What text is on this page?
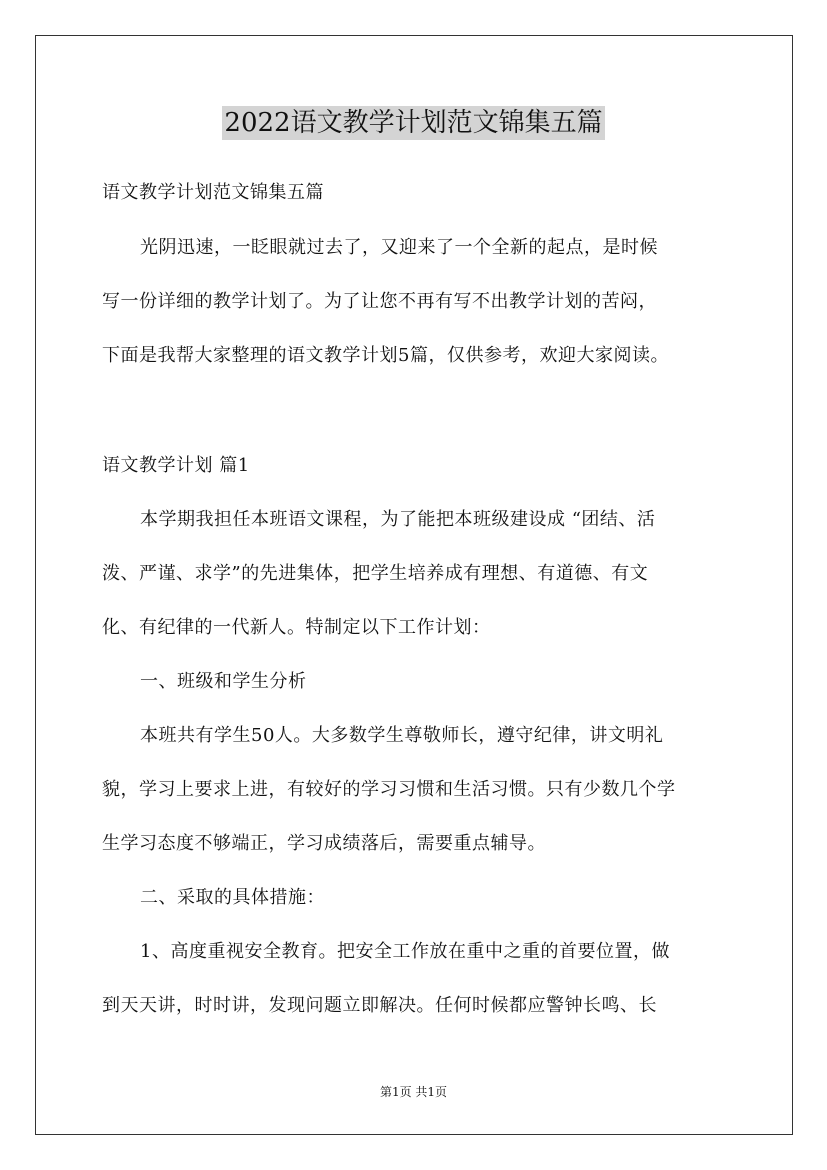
2022语文教学计划范文锦集五篇
语文教学计划范文锦集五篇
光阴迅速，一眨眼就过去了，又迎来了一个全新的起点，是时候
写一份详细的教学计划了。为了让您不再有写不出教学计划的苦闷，
下面是我帮大家整理的语文教学计划5篇，仅供参考，欢迎大家阅读。
语文教学计划 篇1
本学期我担任本班语文课程，为了能把本班级建设成 “团结、活
泼、严谨、求学”的先进集体，把学生培养成有理想、有道德、有文
化、有纪律的一代新人。特制定以下工作计划：
一、班级和学生分析
本班共有学生50人。大多数学生尊敬师长，遵守纪律，讲文明礼
貌，学习上要求上进，有较好的学习习惯和生活习惯。只有少数几个学
生学习态度不够端正，学习成绩落后，需要重点辅导。
二、采取的具体措施：
1、高度重视安全教育。把安全工作放在重中之重的首要位置，做
到天天讲，时时讲，发现问题立即解决。任何时候都应警钟长鸣、长
第1页 共1页
